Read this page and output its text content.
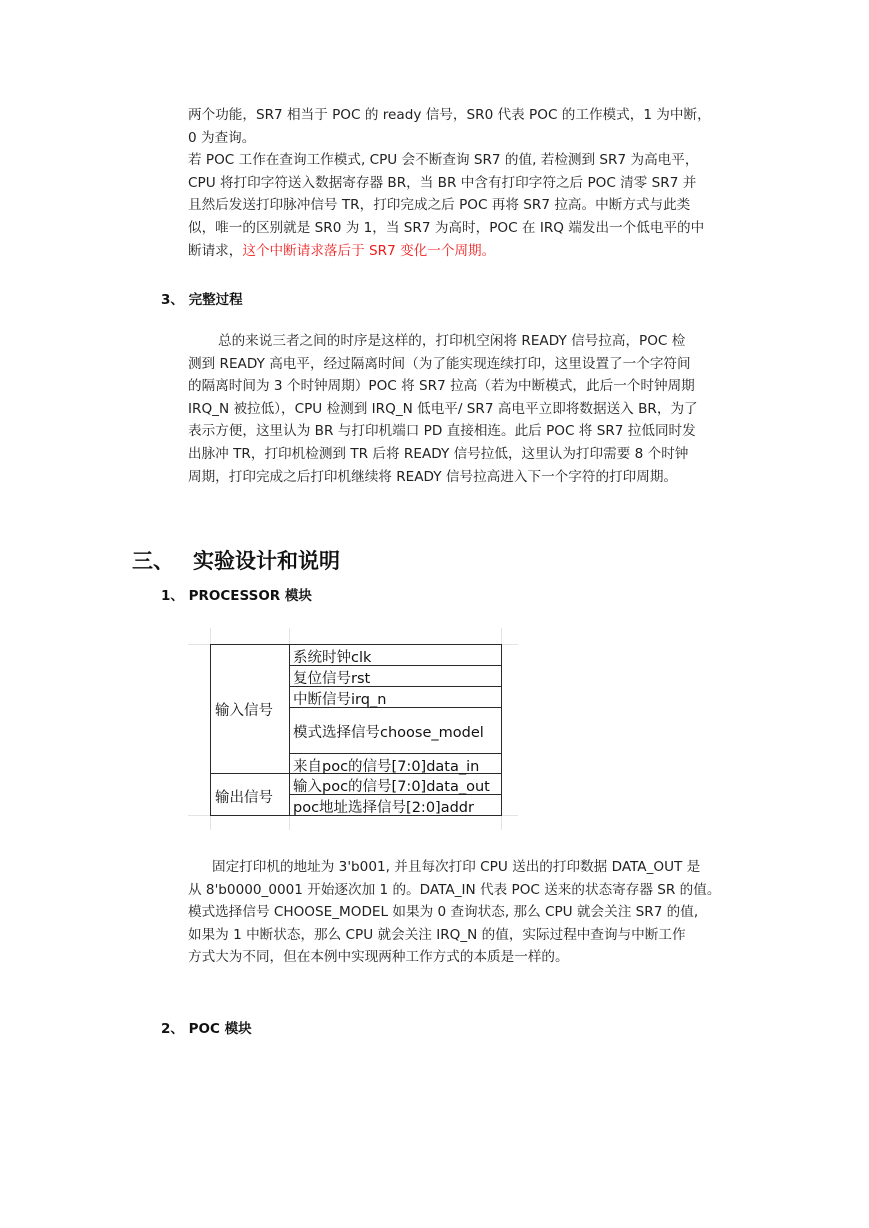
两个功能，SR7 相当于 POC 的 ready 信号，SR0 代表 POC 的工作模式，1 为中断，
0 为查询。
若 POC 工作在查询工作模式, CPU 会不断查询 SR7 的值, 若检测到 SR7 为高电平，
CPU 将打印字符送入数据寄存器 BR，当 BR 中含有打印字符之后 POC 清零 SR7 并
且然后发送打印脉冲信号 TR，打印完成之后 POC 再将 SR7 拉高。中断方式与此类
似，唯一的区别就是 SR0 为 1，当 SR7 为高时，POC 在 IRQ 端发出一个低电平的中
断请求，这个中断请求落后于 SR7 变化一个周期。
3、 完整过程
总的来说三者之间的时序是这样的，打印机空闲将 READY 信号拉高，POC 检
测到 READY 高电平，经过隔离时间（为了能实现连续打印，这里设置了一个字符间
的隔离时间为 3 个时钟周期）POC 将 SR7 拉高（若为中断模式，此后一个时钟周期
IRQ_N 被拉低），CPU 检测到 IRQ_N 低电平/ SR7 高电平立即将数据送入 BR，为了
表示方便，这里认为 BR 与打印机端口 PD 直接相连。此后 POC 将 SR7 拉低同时发
出脉冲 TR，打印机检测到 TR 后将 READY 信号拉低，这里认为打印需要 8 个时钟
周期，打印完成之后打印机继续将 READY 信号拉高进入下一个字符的打印周期。
三、 实验设计和说明
1、 PROCESSOR 模块
输入信号
输出信号
系统时钟clk
复位信号rst
中断信号irq_n
模式选择信号choose_model
来自poc的信号[7:0]data_in
输入poc的信号[7:0]data_out
poc地址选择信号[2:0]addr
固定打印机的地址为 3'b001, 并且每次打印 CPU 送出的打印数据 DATA_OUT 是
从 8'b0000_0001 开始逐次加 1 的。DATA_IN 代表 POC 送来的状态寄存器 SR 的值。
模式选择信号 CHOOSE_MODEL 如果为 0 查询状态, 那么 CPU 就会关注 SR7 的值,
如果为 1 中断状态，那么 CPU 就会关注 IRQ_N 的值，实际过程中查询与中断工作
方式大为不同，但在本例中实现两种工作方式的本质是一样的。
2、 POC 模块
